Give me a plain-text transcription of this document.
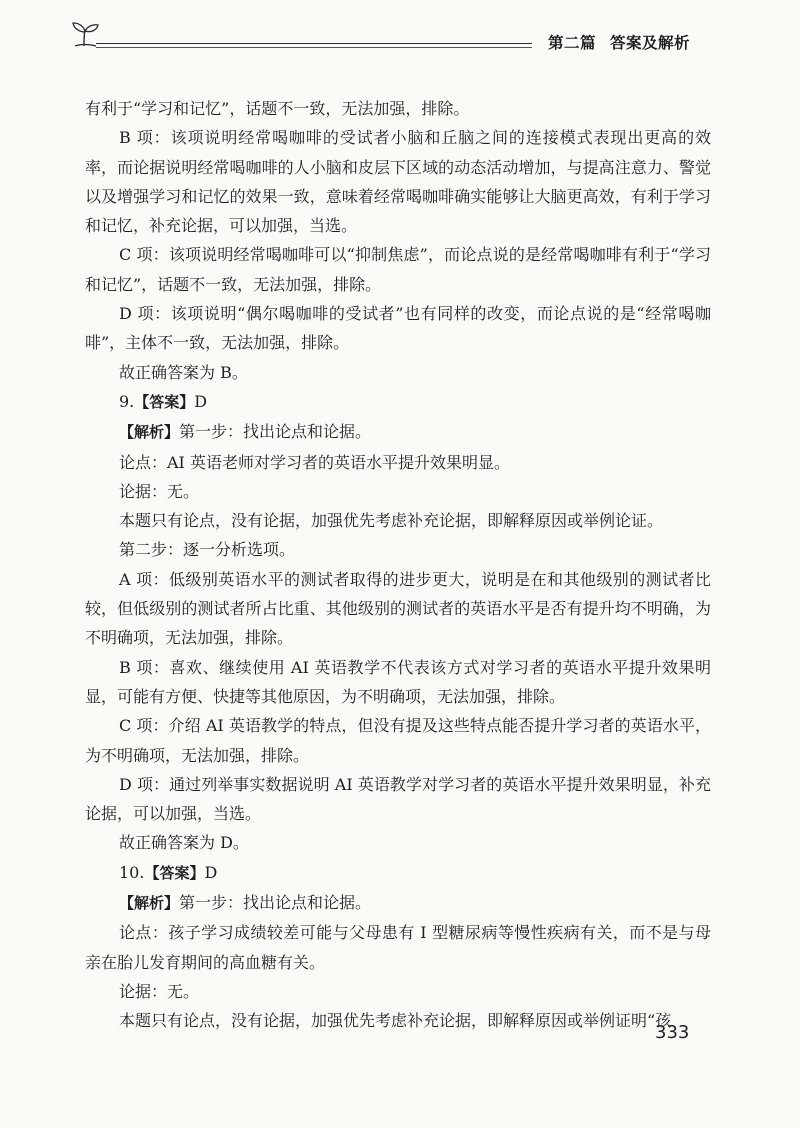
第二篇 答案及解析

有利于“学习和记忆”，话题不一致，无法加强，排除。

B 项：该项说明经常喝咖啡的受试者小脑和丘脑之间的连接模式表现出更高的效率，而论据说明经常喝咖啡的人小脑和皮层下区域的动态活动增加，与提高注意力、警觉以及增强学习和记忆的效果一致，意味着经常喝咖啡确实能够让大脑更高效，有利于学习和记忆，补充论据，可以加强，当选。

C 项：该项说明经常喝咖啡可以“抑制焦虑”，而论点说的是经常喝咖啡有利于“学习和记忆”，话题不一致，无法加强，排除。

D 项：该项说明“偶尔喝咖啡的受试者”也有同样的改变，而论点说的是“经常喝咖啡”，主体不一致，无法加强，排除。

故正确答案为 B。

9.【答案】D

【解析】第一步：找出论点和论据。

论点：AI 英语老师对学习者的英语水平提升效果明显。

论据：无。

本题只有论点，没有论据，加强优先考虑补充论据，即解释原因或举例论证。

第二步：逐一分析选项。

A 项：低级别英语水平的测试者取得的进步更大，说明是在和其他级别的测试者比较，但低级别的测试者所占比重、其他级别的测试者的英语水平是否有提升均不明确，为不明确项，无法加强，排除。

B 项：喜欢、继续使用 AI 英语教学不代表该方式对学习者的英语水平提升效果明显，可能有方便、快捷等其他原因，为不明确项，无法加强，排除。

C 项：介绍 AI 英语教学的特点，但没有提及这些特点能否提升学习者的英语水平，为不明确项，无法加强，排除。

D 项：通过列举事实数据说明 AI 英语教学对学习者的英语水平提升效果明显，补充论据，可以加强，当选。

故正确答案为 D。

10.【答案】D

【解析】第一步：找出论点和论据。

论点：孩子学习成绩较差可能与父母患有 I 型糖尿病等慢性疾病有关，而不是与母亲在胎儿发育期间的高血糖有关。

论据：无。

本题只有论点，没有论据，加强优先考虑补充论据，即解释原因或举例证明“孩

333
